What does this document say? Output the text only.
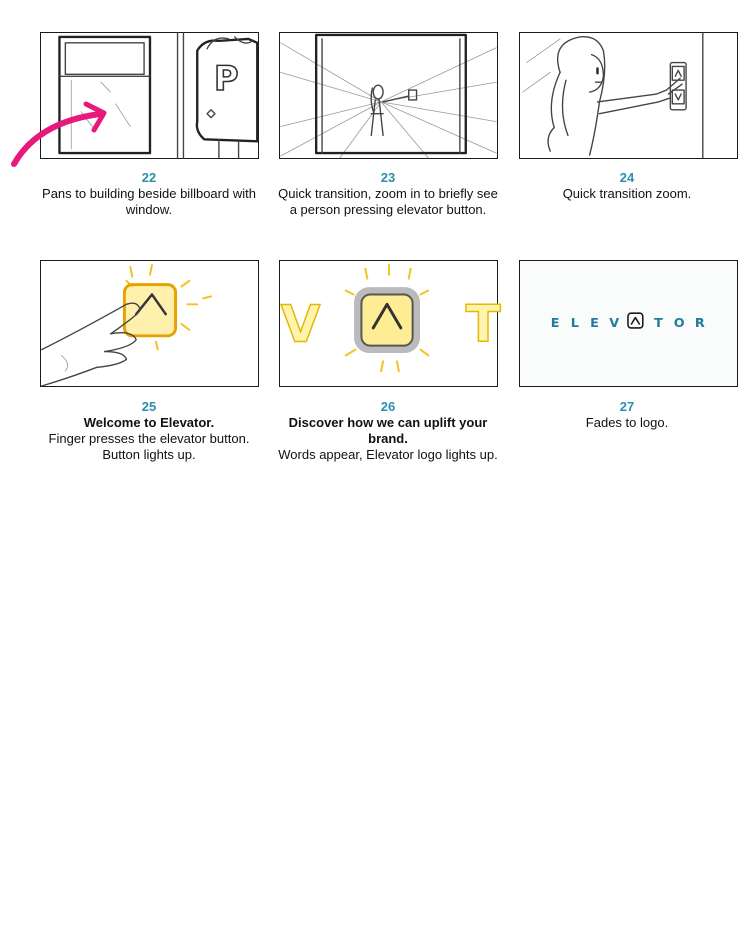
P
22
Pans to building beside billboard with
window.
23
Quick transition, zoom in to briefly see
a person pressing elevator button.
24
Quick transition zoom.
25
Welcome to Elevator.
Finger presses the elevator button.
Button lights up.
V	T
26
Discover how we can uplift your brand.
Words appear, Elevator logo lights up.
E L E V	T O R
27
Fades to logo.
